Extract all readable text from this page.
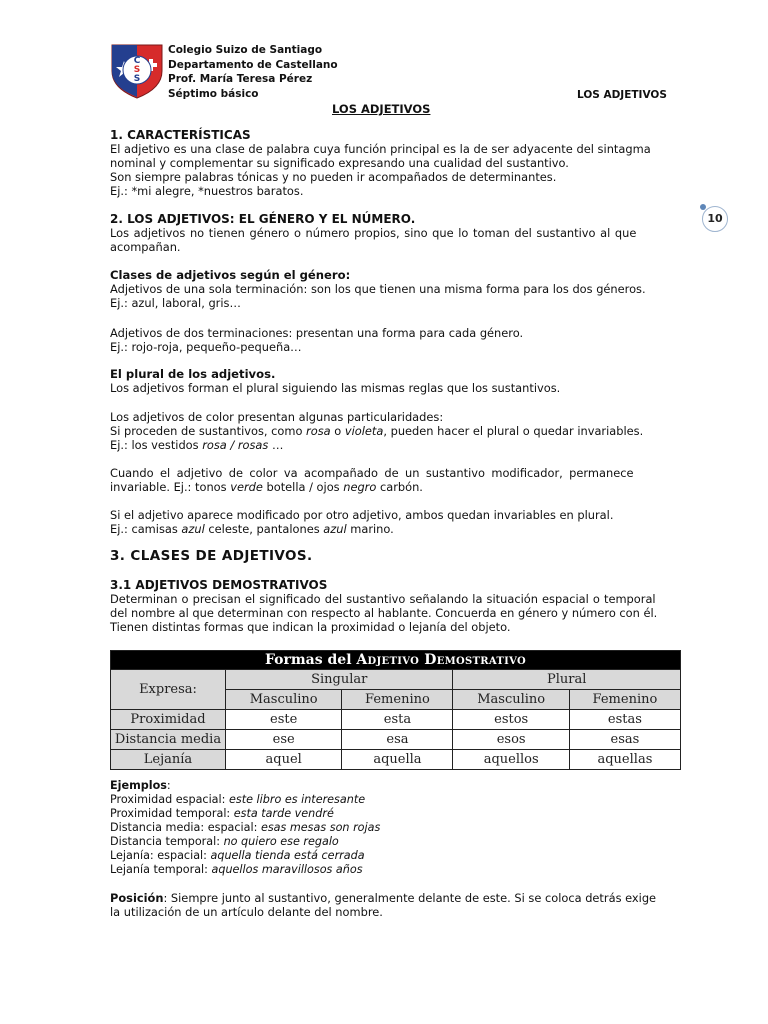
C
S
S
Colegio Suizo de Santiago
Departamento de Castellano
Prof. María Teresa Pérez
Séptimo básico	LOS ADJETIVOS
LOS ADJETIVOS
10

1. CARACTERÍSTICAS

El adjetivo es una clase de palabra cuya función principal es la de ser adyacente del sintagma

nominal y complementar su significado expresando una cualidad del sustantivo.

Son siempre palabras tónicas y no pueden ir acompañados de determinantes.

Ej.: *mi alegre, *nuestros baratos.

2. LOS ADJETIVOS: EL GÉNERO Y EL NÚMERO.

Los adjetivos no tienen género o número propios, sino que lo toman del sustantivo al que

acompañan.

Clases de adjetivos según el género:

Adjetivos de una sola terminación: son los que tienen una misma forma para los dos géneros.

Ej.: azul, laboral, gris…

Adjetivos de dos terminaciones: presentan una forma para cada género.

Ej.: rojo-roja, pequeño-pequeña…

El plural de los adjetivos.

Los adjetivos forman el plural siguiendo las mismas reglas que los sustantivos.

Los adjetivos de color presentan algunas particularidades:

Si proceden de sustantivos, como rosa o violeta, pueden hacer el plural o quedar invariables.

Ej.: los vestidos rosa / rosas …

Cuando el adjetivo de color va acompañado de un sustantivo modificador, permanece

invariable. Ej.: tonos verde botella / ojos negro carbón.

Si el adjetivo aparece modificado por otro adjetivo, ambos quedan invariables en plural.

Ej.: camisas azul celeste, pantalones azul marino.

3. CLASES DE ADJETIVOS.

3.1 ADJETIVOS DEMOSTRATIVOS

Determinan o precisan el significado del sustantivo señalando la situación espacial o temporal

del nombre al que determinan con respecto al hablante. Concuerda en género y número con él.

Tienen distintas formas que indican la proximidad o lejanía del objeto.

Formas del Adjetivo Demostrativo				
Expresa:	Singular		Plural	
	Masculino	Femenino	Masculino	Femenino
Proximidad	este	esta	estos	estas
Distancia media	ese	esa	esos	esas
Lejanía	aquel	aquella	aquellos	aquellas

Ejemplos:

Proximidad espacial: este libro es interesante

Proximidad temporal: esta tarde vendré

Distancia media: espacial: esas mesas son rojas

Distancia temporal: no quiero ese regalo

Lejanía: espacial: aquella tienda está cerrada

Lejanía temporal: aquellos maravillosos años

Posición: Siempre junto al sustantivo, generalmente delante de este. Si se coloca detrás exige

la utilización de un artículo delante del nombre.
